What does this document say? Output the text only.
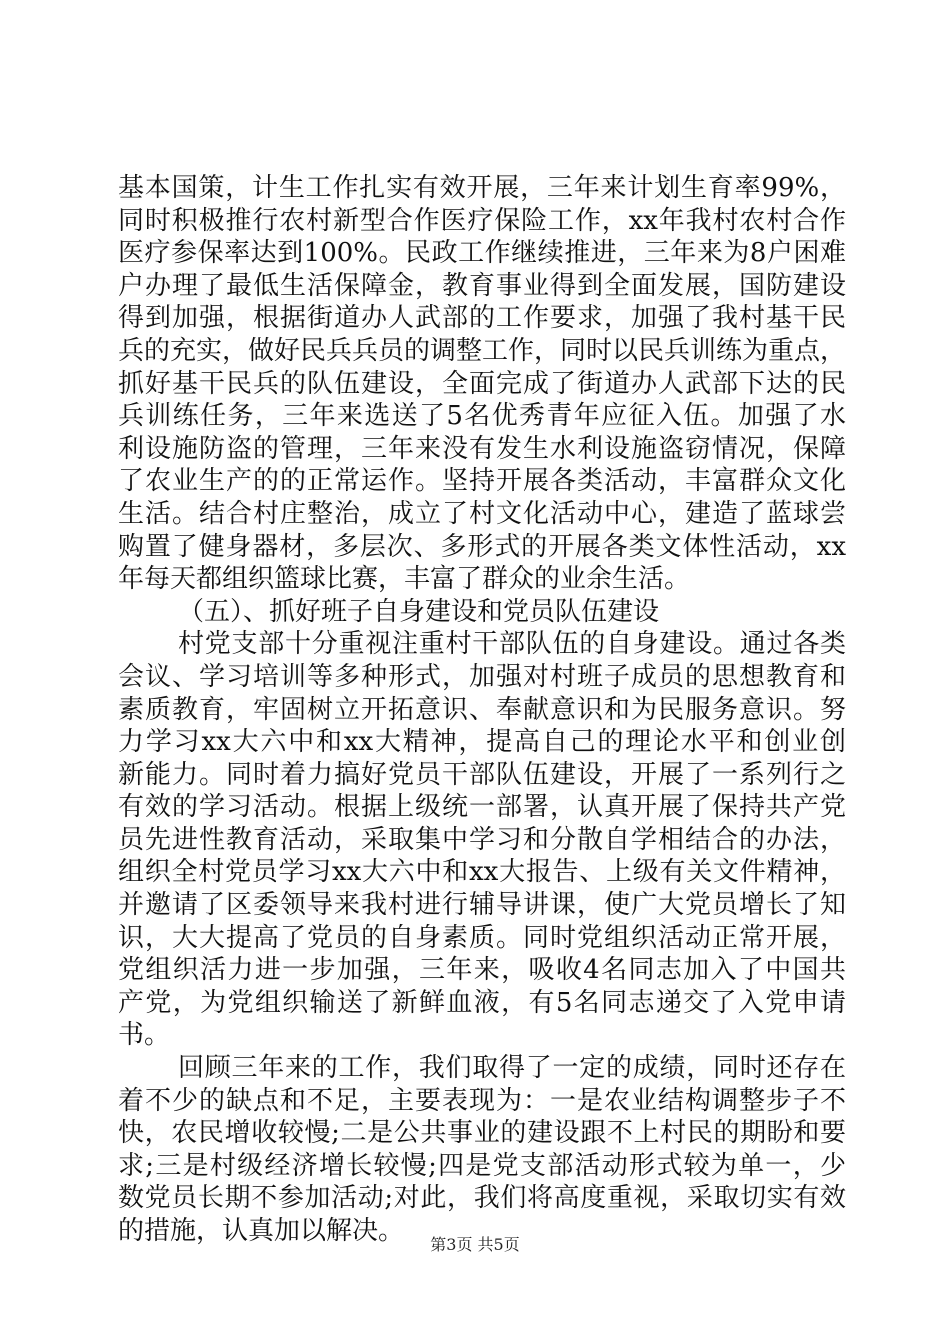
基本国策，计生工作扎实有效开展，三年来计划生育率99%，
同时积极推行农村新型合作医疗保险工作，xx年我村农村合作
医疗参保率达到100%。民政工作继续推进，三年来为8户困难
户办理了最低生活保障金，教育事业得到全面发展，国防建设
得到加强，根据街道办人武部的工作要求，加强了我村基干民
兵的充实，做好民兵兵员的调整工作，同时以民兵训练为重点，
抓好基干民兵的队伍建设，全面完成了街道办人武部下达的民
兵训练任务，三年来选送了5名优秀青年应征入伍。加强了水
利设施防盗的管理，三年来没有发生水利设施盗窃情况，保障
了农业生产的的正常运作。坚持开展各类活动，丰富群众文化
生活。结合村庄整治，成立了村文化活动中心，建造了蓝球尝
购置了健身器材，多层次、多形式的开展各类文体性活动，xx
年每天都组织篮球比赛，丰富了群众的业余生活。
（五）、抓好班子自身建设和党员队伍建设
村党支部十分重视注重村干部队伍的自身建设。通过各类
会议、学习培训等多种形式，加强对村班子成员的思想教育和
素质教育，牢固树立开拓意识、奉献意识和为民服务意识。努
力学习xx大六中和xx大精神，提高自己的理论水平和创业创
新能力。同时着力搞好党员干部队伍建设，开展了一系列行之
有效的学习活动。根据上级统一部署，认真开展了保持共产党
员先进性教育活动，采取集中学习和分散自学相结合的办法，
组织全村党员学习xx大六中和xx大报告、上级有关文件精神，
并邀请了区委领导来我村进行辅导讲课，使广大党员增长了知
识，大大提高了党员的自身素质。同时党组织活动正常开展，
党组织活力进一步加强，三年来，吸收4名同志加入了中国共
产党，为党组织输送了新鲜血液，有5名同志递交了入党申请
书。
回顾三年来的工作，我们取得了一定的成绩，同时还存在
着不少的缺点和不足，主要表现为：一是农业结构调整步子不
快，农民增收较慢;二是公共事业的建设跟不上村民的期盼和要
求;三是村级经济增长较慢;四是党支部活动形式较为单一，少
数党员长期不参加活动;对此，我们将高度重视，采取切实有效
的措施，认真加以解决。	第3页 共5页
